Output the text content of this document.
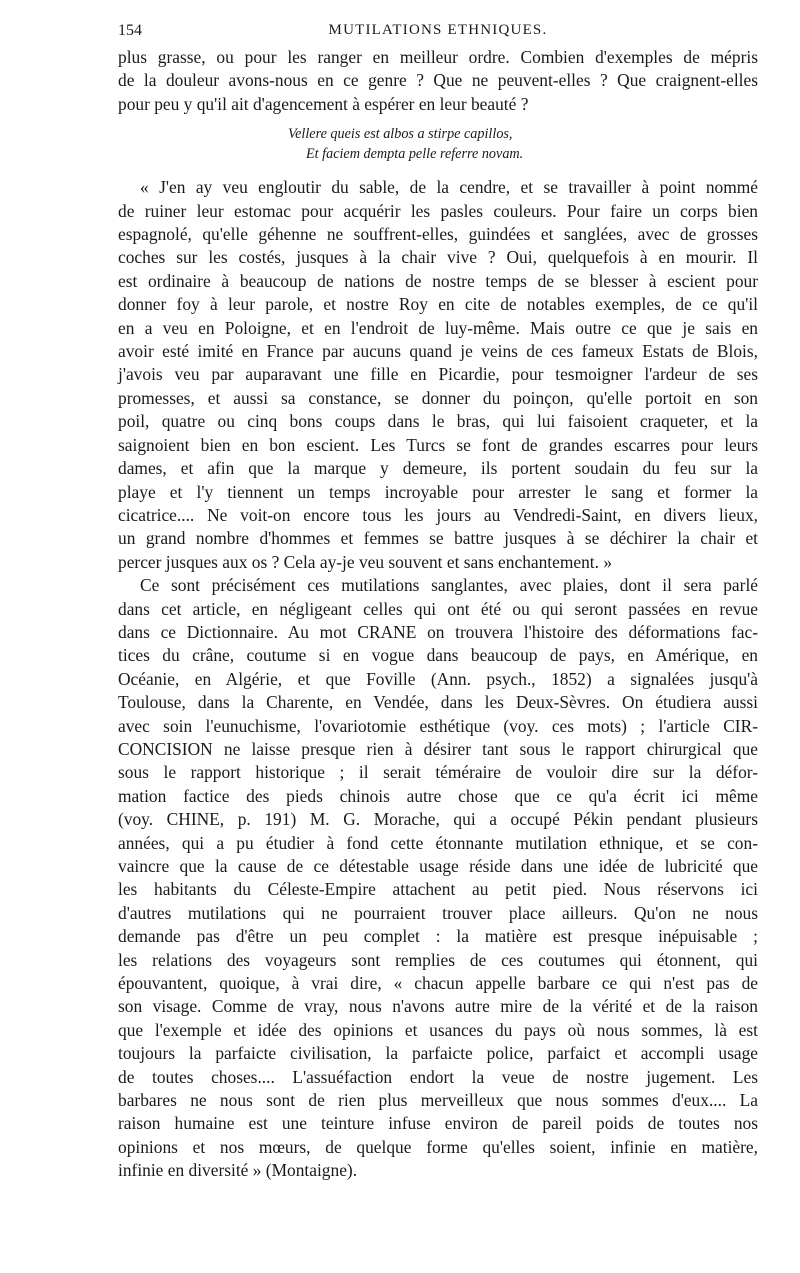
154	MUTILATIONS ETHNIQUES.
plus grasse, ou pour les ranger en meilleur ordre. Combien d'exemples de mépris
de la douleur avons-nous en ce genre ? Que ne peuvent-elles ? Que craignent-elles
pour peu y qu'il ait d'agencement à espérer en leur beauté ?
Vellere queis est albos a stirpe capillos,
Et faciem dempta pelle referre novam.
« J'en ay veu engloutir du sable, de la cendre, et se travailler à point nommé
de ruiner leur estomac pour acquérir les pasles couleurs. Pour faire un corps bien
espagnolé, qu'elle géhenne ne souffrent-elles, guindées et sanglées, avec de grosses
coches sur les costés, jusques à la chair vive ? Oui, quelquefois à en mourir. Il
est ordinaire à beaucoup de nations de nostre temps de se blesser à escient pour
donner foy à leur parole, et nostre Roy en cite de notables exemples, de ce qu'il
en a veu en Poloigne, et en l'endroit de luy-même. Mais outre ce que je sais en
avoir esté imité en France par aucuns quand je veins de ces fameux Estats de Blois,
j'avois veu par auparavant une fille en Picardie, pour tesmoigner l'ardeur de ses
promesses, et aussi sa constance, se donner du poinçon, qu'elle portoit en son
poil, quatre ou cinq bons coups dans le bras, qui lui faisoient craqueter, et la
saignoient bien en bon escient. Les Turcs se font de grandes escarres pour leurs
dames, et afin que la marque y demeure, ils portent soudain du feu sur la
playe et l'y tiennent un temps incroyable pour arrester le sang et former la
cicatrice.... Ne voit-on encore tous les jours au Vendredi-Saint, en divers lieux,
un grand nombre d'hommes et femmes se battre jusques à se déchirer la chair et
percer jusques aux os ? Cela ay-je veu souvent et sans enchantement. »
Ce sont précisément ces mutilations sanglantes, avec plaies, dont il sera parlé
dans cet article, en négligeant celles qui ont été ou qui seront passées en revue
dans ce Dictionnaire. Au mot CRANE on trouvera l'histoire des déformations fac-
tices du crâne, coutume si en vogue dans beaucoup de pays, en Amérique, en
Océanie, en Algérie, et que Foville (Ann. psych., 1852) a signalées jusqu'à
Toulouse, dans la Charente, en Vendée, dans les Deux-Sèvres. On étudiera aussi
avec soin l'eunuchisme, l'ovariotomie esthétique (voy. ces mots) ; l'article CIR-
CONCISION ne laisse presque rien à désirer tant sous le rapport chirurgical que
sous le rapport historique ; il serait téméraire de vouloir dire sur la défor-
mation factice des pieds chinois autre chose que ce qu'a écrit ici même
(voy. CHINE, p. 191) M. G. Morache, qui a occupé Pékin pendant plusieurs
années, qui a pu étudier à fond cette étonnante mutilation ethnique, et se con-
vaincre que la cause de ce détestable usage réside dans une idée de lubricité que
les habitants du Céleste-Empire attachent au petit pied. Nous réservons ici
d'autres mutilations qui ne pourraient trouver place ailleurs. Qu'on ne nous
demande pas d'être un peu complet : la matière est presque inépuisable ;
les relations des voyageurs sont remplies de ces coutumes qui étonnent, qui
épouvantent, quoique, à vrai dire, « chacun appelle barbare ce qui n'est pas de
son visage. Comme de vray, nous n'avons autre mire de la vérité et de la raison
que l'exemple et idée des opinions et usances du pays où nous sommes, là est
toujours la parfaicte civilisation, la parfaicte police, parfaict et accompli usage
de toutes choses.... L'assuéfaction endort la veue de nostre jugement. Les
barbares ne nous sont de rien plus merveilleux que nous sommes d'eux.... La
raison humaine est une teinture infuse environ de pareil poids de toutes nos
opinions et nos mœurs, de quelque forme qu'elles soient, infinie en matière,
infinie en diversité » (Montaigne).
